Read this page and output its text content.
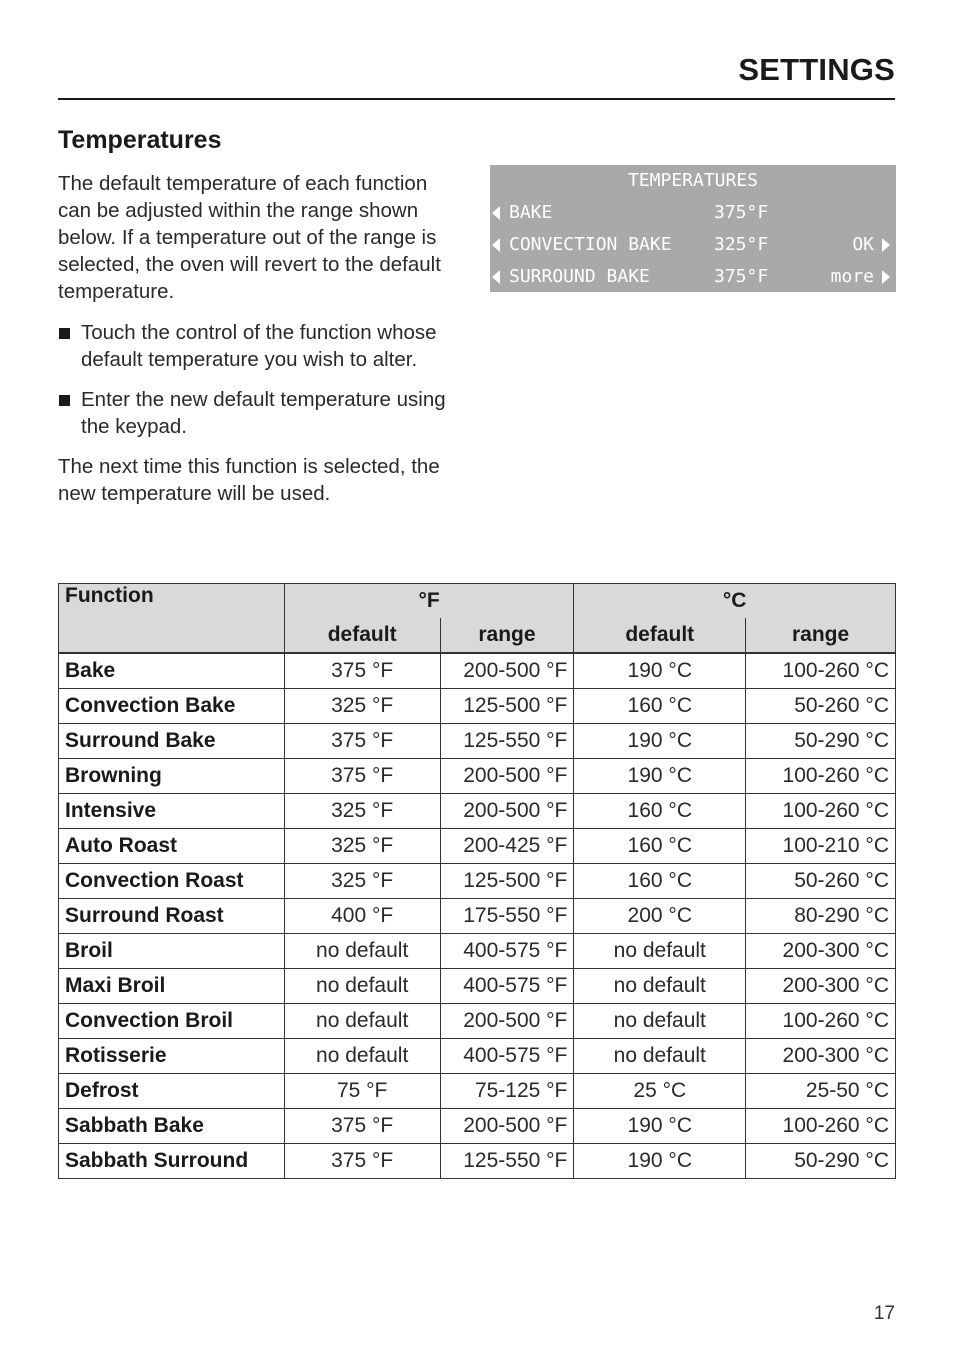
SETTINGS
Temperatures

The default temperature of each function can be adjusted within the range shown below. If a temperature out of the range is selected, the oven will revert to the default temperature.

Touch the control of the function whose default temperature you wish to alter.
Enter the new default temperature using the keypad.

The next time this function is selected, the new temperature will be used.

TEMPERATURES
BAKE	375°F
CONVECTION BAKE 325°F	OK
SURROUND BAKE	375°F	more
Function	°F		°C	
	default	range	default	range
Bake	375 °F	200-500 °F	190 °C	100-260 °C
Convection Bake	325 °F	125-500 °F	160 °C	50-260 °C
Surround Bake	375 °F	125-550 °F	190 °C	50-290 °C
Browning	375 °F	200-500 °F	190 °C	100-260 °C
Intensive	325 °F	200-500 °F	160 °C	100-260 °C
Auto Roast	325 °F	200-425 °F	160 °C	100-210 °C
Convection Roast	325 °F	125-500 °F	160 °C	50-260 °C
Surround Roast	400 °F	175-550 °F	200 °C	80-290 °C
Broil	no default	400-575 °F	no default	200-300 °C
Maxi Broil	no default	400-575 °F	no default	200-300 °C
Convection Broil	no default	200-500 °F	no default	100-260 °C
Rotisserie	no default	400-575 °F	no default	200-300 °C
Defrost	75 °F	75-125 °F	25 °C	25-50 °C
Sabbath Bake	375 °F	200-500 °F	190 °C	100-260 °C
Sabbath Surround	375 °F	125-550 °F	190 °C	50-290 °C
17
